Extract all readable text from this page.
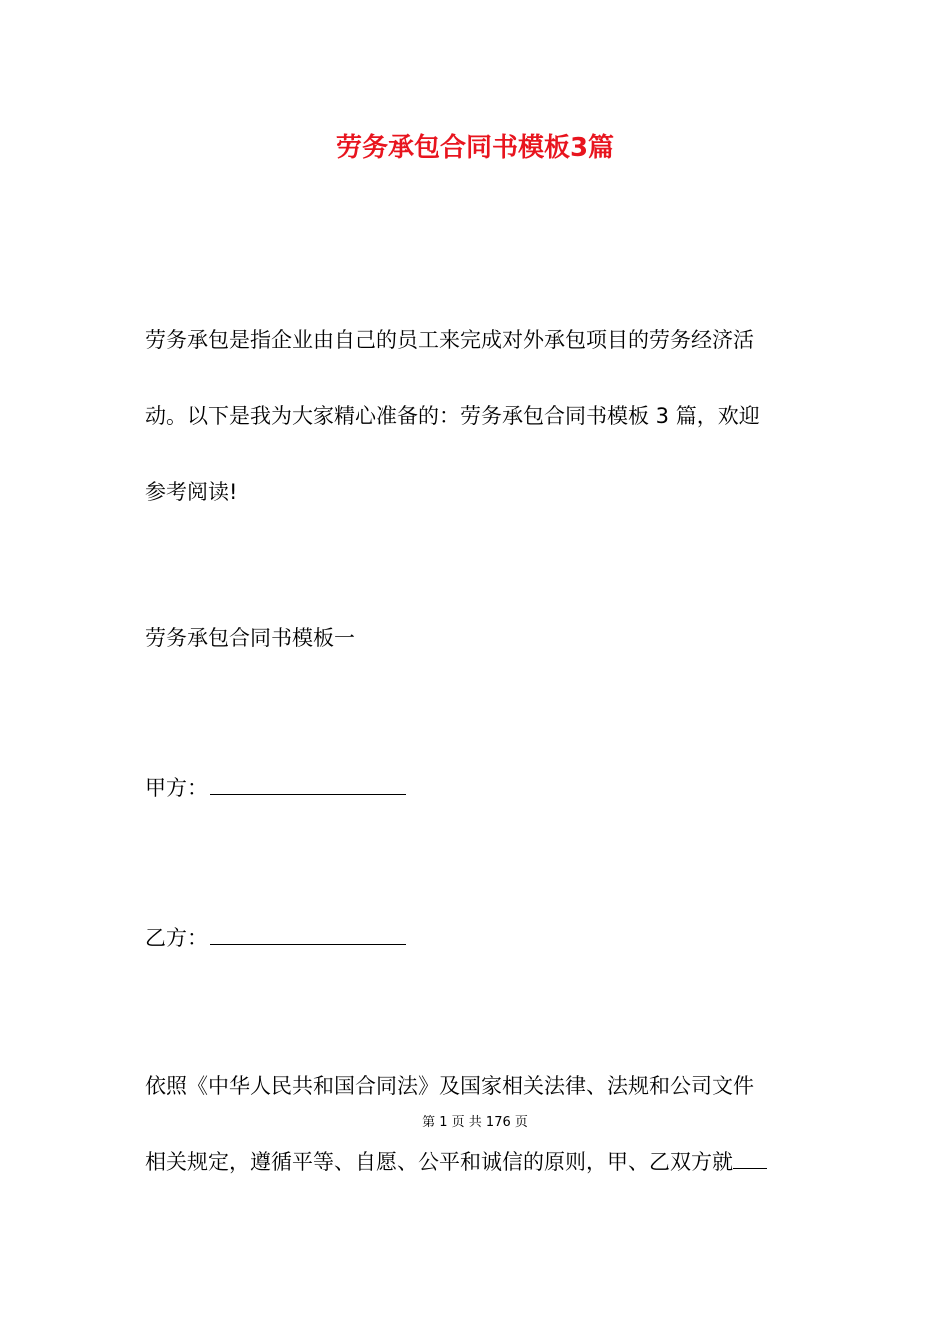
劳务承包合同书模板3篇
劳务承包是指企业由自己的员工来完成对外承包项目的劳务经济活
动。以下是我为大家精心准备的：劳务承包合同书模板 3 篇，欢迎
参考阅读!
劳务承包合同书模板一
甲方：
乙方：
依照《中华人民共和国合同法》及国家相关法律、法规和公司文件
相关规定，遵循平等、自愿、公平和诚信的原则，甲、乙双方就

第 1 页 共 176 页
